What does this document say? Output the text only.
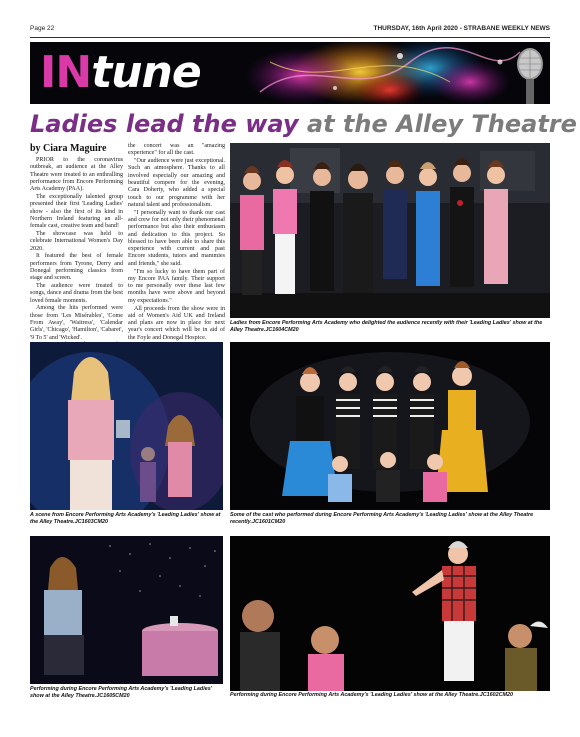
Page 22	THURSDAY, 16th April 2020 - STRABANE WEEKLY NEWS
INtune
Ladies lead the way at the Alley Theatre
by Ciara Maguire

PRIOR to the coronavirus outbreak, an audience at the Alley Theatre were treated to an enthralling performance from Encore Performing Arts Academy (PAA).

The exceptionally talented group presented their first 'Leading Ladies' show - also the first of its kind in Northern Ireland featuring an all-female cast, creative team and band!

The showcase was held to celebrate International Women's Day 2020.

It featured the best of female performers from Tyrone, Derry and Donegal performing classics from stage and screen.

The audience were treated to songs, dance and drama from the best loved female moments.

Among the hits performed were those from 'Les Misérables', 'Come From Away', 'Waitress', 'Calendar Girls', 'Chicago', 'Hamilton', 'Cabaret', '9 To 5' and 'Wicked'.

the concert was an "amazing experience" for all the cast.

"Our audience were just exceptional. Such an atmosphere. Thanks to all involved especially our amazing and beautiful compere for the evening, Cara Doherty, who added a special touch to our programme with her natural talent and professionalism.

"I personally want to thank our cast and crew for not only their phenomenal performance but also their enthusiasm and dedication to this project. So blessed to have been able to share this experience with current and past Encore students, tutors and mammies and friends," she said.

"I'm so lucky to have them part of my Encore PAA family. Their support to me personally over these last few months have were above and beyond my expectations."

All proceeds from the show were in aid of Women's Aid UK and Ireland and plans are now in place for next year's concert which will be in aid of the Foyle and Donegal Hospice.

Ladies from Encore Performing Arts Academy who delighted the audience recently with their 'Leading Ladies' show at the Alley Theatre.JC1604CM20
A scene from Encore Performing Arts Academy's 'Leading Ladies' show at the Alley Theatre.JC1603CM20
Some of the cast who performed during Encore Performing Arts Academy's 'Leading Ladies' show at the Alley Theatre recently.JC1601CM20
Performing during Encore Performing Arts Academy's 'Leading Ladies' show at the Alley Theatre.JC1605CM20	Performing during Encore Performing Arts Academy's 'Leading Ladies' show at the Alley Theatre.JC1602CM20
